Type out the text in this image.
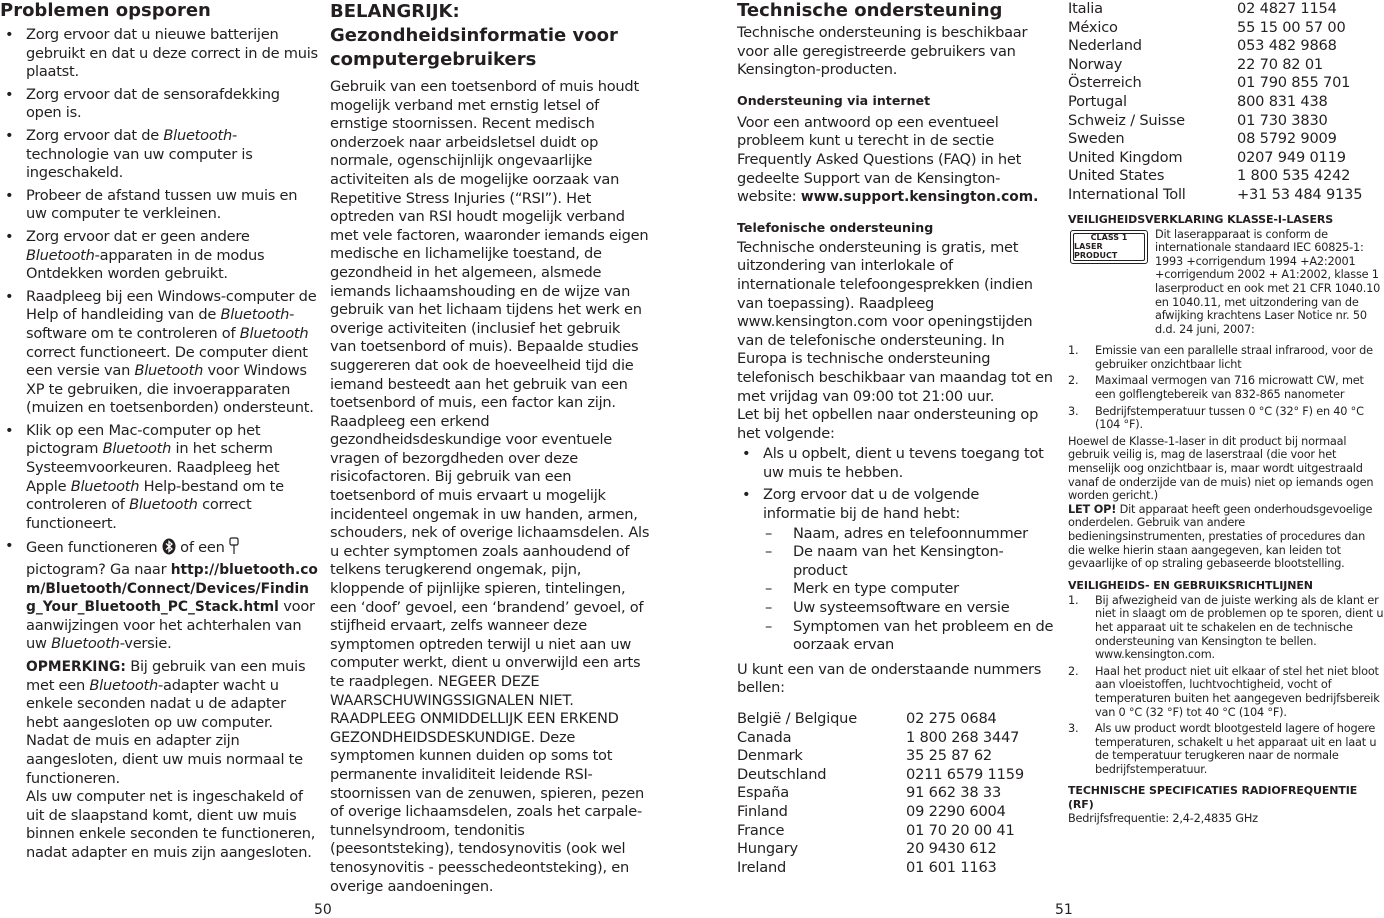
Problemen opsporen
• Zorg ervoor dat u nieuwe batterijen gebruikt en dat u deze correct in de muis plaatst.
• Zorg ervoor dat de sensorafdekking open is.
• Zorg ervoor dat de Bluetooth-technologie van uw computer is ingeschakeld.
• Probeer de afstand tussen uw muis en uw computer te verkleinen.
• Zorg ervoor dat er geen andere Bluetooth-apparaten in de modus Ontdekken worden gebruikt.
• Raadpleeg bij een Windows-computer de Help of handleiding van de Bluetooth-software om te controleren of Bluetooth correct functioneert. De computer dient een versie van Bluetooth voor Windows XP te gebruiken, die invoerapparaten (muizen en toetsenborden) ondersteunt.
• Klik op een Mac-computer op het pictogram Bluetooth in het scherm Systeemvoorkeuren. Raadpleeg het Apple Bluetooth Help-bestand om te controleren of Bluetooth correct functioneert.
• Geen functioneren  of een  pictogram? Ga naar http://bluetooth.com/Bluetooth/Connect/Devices/Finding_Your_Bluetooth_PC_Stack.html voor aanwijzingen voor het achterhalen van uw Bluetooth-versie.
OPMERKING: Bij gebruik van een muis met een Bluetooth-adapter wacht u enkele seconden nadat u de adapter hebt aangesloten op uw computer. Nadat de muis en adapter zijn aangesloten, dient uw muis normaal te functioneren.
Als uw computer net is ingeschakeld of uit de slaapstand komt, dient uw muis binnen enkele seconden te functioneren, nadat adapter en muis zijn aangesloten.
BELANGRIJK:
Gezondheidsinformatie voor computergebruikers

Gebruik van een toetsenbord of muis houdt mogelijk verband met ernstig letsel of ernstige stoornissen. Recent medisch onderzoek naar arbeidsletsel duidt op normale, ogenschijnlijk ongevaarlijke activiteiten als de mogelijke oorzaak van Repetitive Stress Injuries (“RSI”). Het optreden van RSI houdt mogelijk verband met vele factoren, waaronder iemands eigen medische en lichamelijke toestand, de gezondheid in het algemeen, alsmede iemands lichaamshouding en de wijze van gebruik van het lichaam tijdens het werk en overige activiteiten (inclusief het gebruik van toetsenbord of muis). Bepaalde studies suggereren dat ook de hoeveelheid tijd die iemand besteedt aan het gebruik van een toetsenbord of muis, een factor kan zijn. Raadpleeg een erkend gezondheidsdeskundige voor eventuele vragen of bezorgdheden over deze risicofactoren. Bij gebruik van een toetsenbord of muis ervaart u mogelijk incidenteel ongemak in uw handen, armen, schouders, nek of overige lichaamsdelen. Als u echter symptomen zoals aanhoudend of telkens terugkerend ongemak, pijn, kloppende of pijnlijke spieren, tintelingen, een ‘doof’ gevoel, een ‘brandend’ gevoel, of stijfheid ervaart, zelfs wanneer deze symptomen optreden terwijl u niet aan uw computer werkt, dient u onverwijld een arts te raadplegen. NEGEER DEZE WAARSCHUWINGSSIGNALEN NIET. RAADPLEEG ONMIDDELLIJK EEN ERKEND GEZONDHEIDSDESKUNDIGE. Deze symptomen kunnen duiden op soms tot permanente invaliditeit leidende RSI-stoornissen van de zenuwen, spieren, pezen of overige lichaamsdelen, zoals het carpale-tunnelsyndroom, tendonitis (peesontsteking), tendosynovitis (ook wel tenosynovitis - peesschedeontsteking), en overige aandoeningen.

Technische ondersteuning

Technische ondersteuning is beschikbaar voor alle geregistreerde gebruikers van Kensington-producten.

Ondersteuning via internet

Voor een antwoord op een eventueel probleem kunt u terecht in de sectie Frequently Asked Questions (FAQ) in het gedeelte Support van de Kensington-website: www.support.kensington.com.

Telefonische ondersteuning

Technische ondersteuning is gratis, met uitzondering van interlokale of internationale telefoongesprekken (indien van toepassing). Raadpleeg www.kensington.com voor openingstijden van de telefonische ondersteuning. In Europa is technische ondersteuning telefonisch beschikbaar van maandag tot en met vrijdag van 09:00 tot 21:00 uur.

Let bij het opbellen naar ondersteuning op het volgende:

• Als u opbelt, dient u tevens toegang tot uw muis te hebben.
• Zorg ervoor dat u de volgende informatie bij de hand hebt:
– Naam, adres en telefoonnummer
– De naam van het Kensington-product
– Merk en type computer
– Uw systeemsoftware en versie
– Symptomen van het probleem en de oorzaak ervan

U kunt een van de onderstaande nummers bellen:

België / Belgique	02 275 0684
Canada	1 800 268 3447
Denmark	35 25 87 62
Deutschland	0211 6579 1159
España	91 662 38 33
Finland	09 2290 6004
France	01 70 20 00 41
Hungary	20 9430 612
Ireland	01 601 1163
Italia	02 4827 1154
México	55 15 00 57 00
Nederland	053 482 9868
Norway	22 70 82 01
Österreich	01 790 855 701
Portugal	800 831 438
Schweiz / Suisse	01 730 3830
Sweden	08 5792 9009
United Kingdom	0207 949 0119
United States	1 800 535 4242
International Toll	+31 53 484 9135
VEILIGHEIDSVERKLARING KLASSE-I-LASERS
CLASS 1
LASER PRODUCT

Dit laserapparaat is conform de internationale standaard IEC 60825-1: 1993 +corrigendum 1994 +A2:2001 +corrigendum 2002 + A1:2002, klasse 1 laserproduct en ook met 21 CFR 1040.10 en 1040.11, met uitzondering van de afwijking krachtens Laser Notice nr. 50 d.d. 24 juni, 2007:

1. Emissie van een parallelle straal infrarood, voor de gebruiker onzichtbaar licht
2. Maximaal vermogen van 716 microwatt CW, met een golflengtebereik van 832-865 nanometer
3. Bedrijfstemperatuur tussen 0 °C (32° F) en 40 °C (104 °F).

Hoewel de Klasse-1-laser in dit product bij normaal gebruik veilig is, mag de laserstraal (die voor het menselijk oog onzichtbaar is, maar wordt uitgestraald vanaf de onderzijde van de muis) niet op iemands ogen worden gericht.)

LET OP! Dit apparaat heeft geen onderhoudsgevoelige onderdelen. Gebruik van andere bedieningsinstrumenten, prestaties of procedures dan die welke hierin staan aangegeven, kan leiden tot gevaarlijke of op straling gebaseerde blootstelling.

VEILIGHEIDS- EN GEBRUIKSRICHTLIJNEN
1. Bij afwezigheid van de juiste werking als de klant er niet in slaagt om de problemen op te sporen, dient u het apparaat uit te schakelen en de technische ondersteuning van Kensington te bellen. www.kensington.com.
2. Haal het product niet uit elkaar of stel het niet bloot aan vloeistoffen, luchtvochtigheid, vocht of temperaturen buiten het aangegeven bedrijfsbereik van 0 °C (32 °F) tot 40 °C (104 °F).
3. Als uw product wordt blootgesteld lagere of hogere temperaturen, schakelt u het apparaat uit en laat u de temperatuur terugkeren naar de normale bedrijfstemperatuur.
TECHNISCHE SPECIFICATIES RADIOFREQUENTIE (RF)

Bedrijfsfrequentie: 2,4-2,4835 GHz

50	51
